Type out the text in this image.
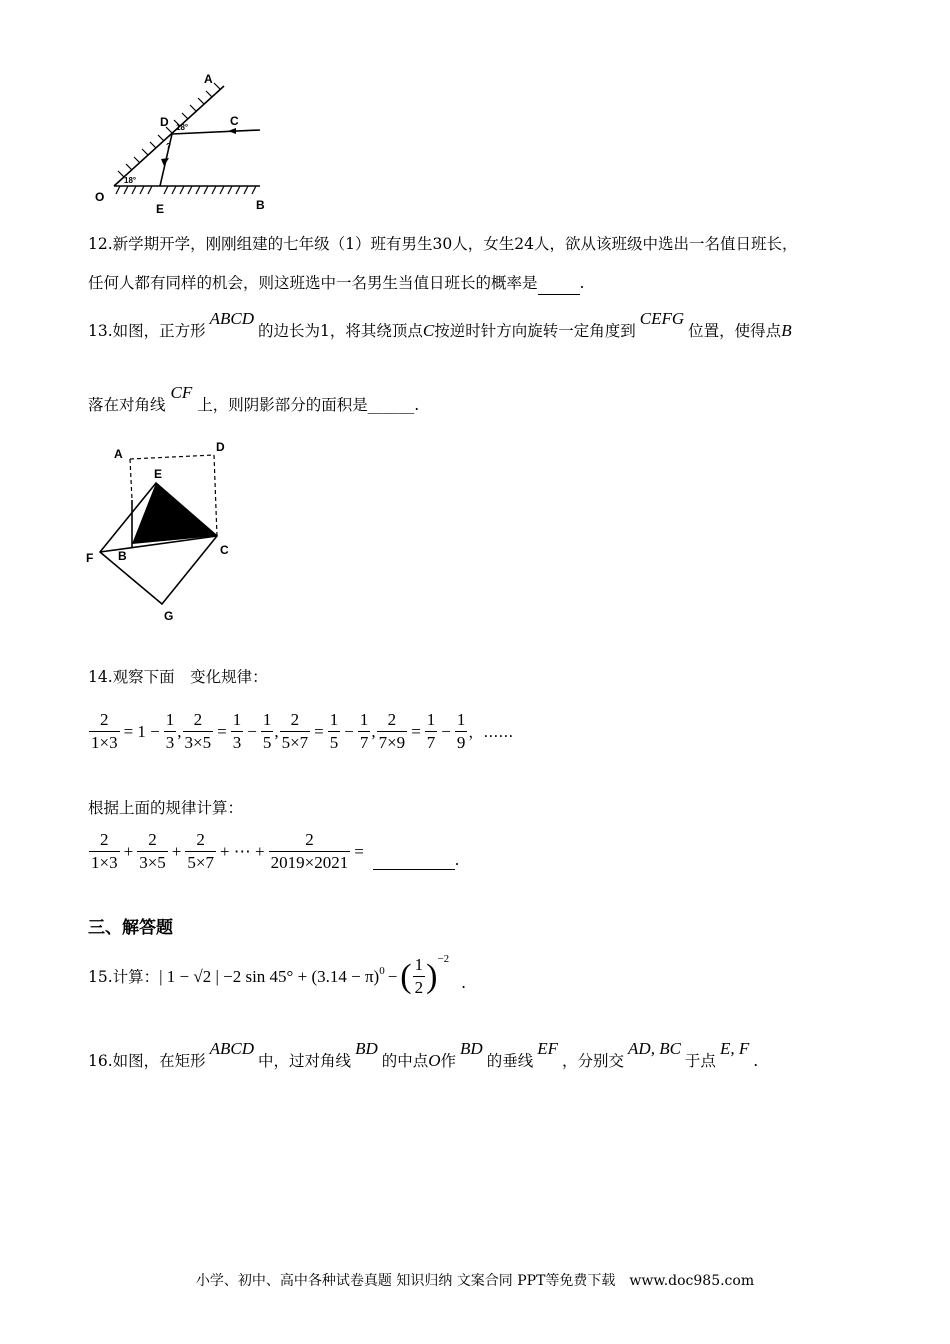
A
C
D
O
E	B
18°
18°
?
12.新学期开学，刚刚组建的七年级（1）班有男生30人，女生24人，欲从该班级中选出一名值日班长，
任何人都有同样的机会，则这班选中一名男生当值日班长的概率是	.
13.如图，正方形ABCD的边长为1，将其绕顶点C按逆时针方向旋转一定角度到CEFG位置，使得点B
落在对角线CF上，则阴影部分的面积是______.
A	D
E
F B	C
G
14.观察下面　变化规律：
$\frac{2}{1\times 3} = 1 - \frac{1}{3}$ , $\frac{2}{3\times 5} = \frac{1}{3} - \frac{1}{5}$ , $\frac{2}{5\times 7} = \frac{1}{5} - \frac{1}{7}$ , $\frac{2}{7\times 9} = \frac{1}{7} - \frac{1}{9}$ ，……
根据上面的规律计算：
$\frac{2}{1\times 3} + \frac{2}{3\times 5} + \frac{2}{5\times 7}$ + ⋯ + $\frac{2}{2019\times 2021}$ =
	.
三、解答题
15.计算： | 1 − √2 | −2 $\sin 45^\circ + (3.14 - \pi)^0$ − ( $\frac{1}{2} )^{-2}$
.
16.如图，在矩形ABCD中，过对角线BD的中点O作BD的垂线EF，分别交AD, BC于点E, F.
小学、初中、高中各种试卷真题 知识归纳 文案合同 PPT等免费下载　www.doc985.com
